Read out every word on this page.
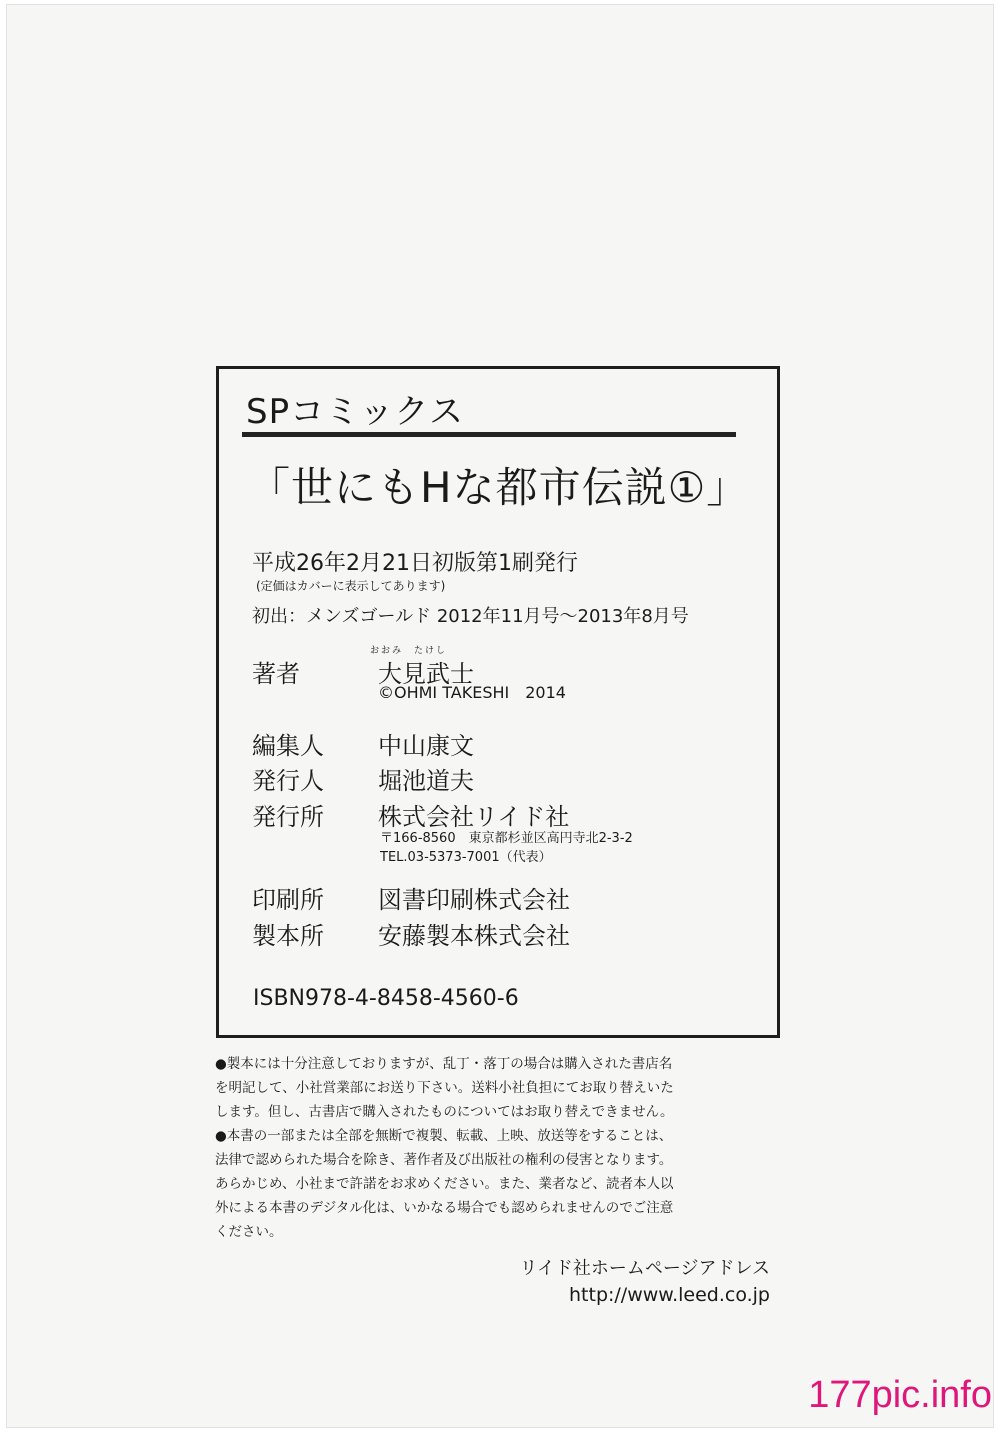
SPコミックス
「世にもHな都市伝説①」
平成26年2月21日初版第1刷発行
(定価はカバーに表示してあります)
初出：メンズゴールド 2012年11月号～2013年8月号
著者
おおみ　たけし
大見武士
©OHMI TAKESHI　2014
編集人 中山康文
発行人 堀池道夫
発行所 株式会社リイド社
〒166-8560　東京都杉並区高円寺北2-3-2
TEL.03-5373-7001（代表）
印刷所 図書印刷株式会社
製本所 安藤製本株式会社
ISBN978-4-8458-4560-6
●製本には十分注意しておりますが、乱丁・落丁の場合は購入された書店名
を明記して、小社営業部にお送り下さい。送料小社負担にてお取り替えいた
します。但し、古書店で購入されたものについてはお取り替えできません。
●本書の一部または全部を無断で複製、転載、上映、放送等をすることは、
法律で認められた場合を除き、著作者及び出版社の権利の侵害となります。
あらかじめ、小社まで許諾をお求めください。また、業者など、読者本人以
外による本書のデジタル化は、いかなる場合でも認められませんのでご注意
ください。
リイド社ホームページアドレス
http://www.leed.co.jp
177pic.info
